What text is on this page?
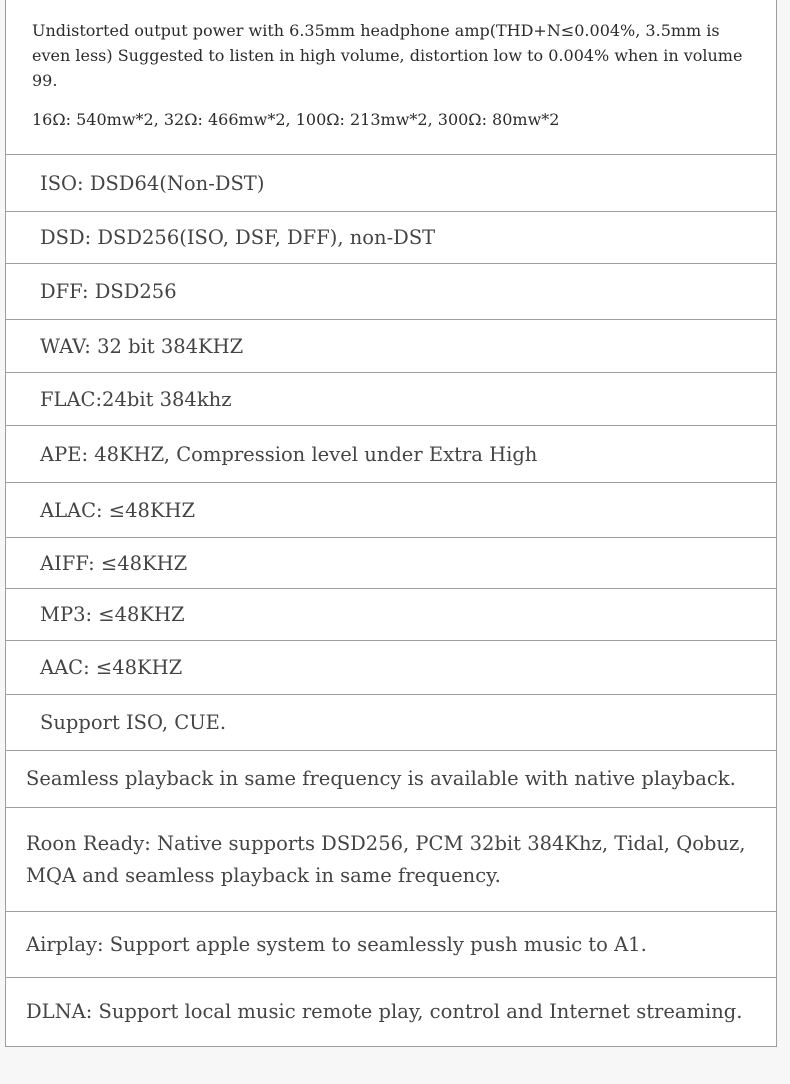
Undistorted output power with 6.35mm headphone amp(THD+N≤0.004%, 3.5mm is even less) Suggested to listen in high volume, distortion low to 0.004% when in volume 99.

16Ω: 540mw*2, 32Ω: 466mw*2, 100Ω: 213mw*2, 300Ω: 80mw*2

ISO: DSD64(Non-DST)
DSD: DSD256(ISO, DSF, DFF), non-DST
DFF: DSD256
WAV: 32 bit 384KHZ
FLAC:24bit 384khz
APE: 48KHZ, Compression level under Extra High
ALAC: ≤48KHZ
AIFF: ≤48KHZ
MP3: ≤48KHZ
AAC: ≤48KHZ
Support ISO, CUE.
Seamless playback in same frequency is available with native playback.
Roon Ready: Native supports DSD256, PCM 32bit 384Khz, Tidal, Qobuz, MQA and seamless playback in same frequency.
Airplay: Support apple system to seamlessly push music to A1.
DLNA: Support local music remote play, control and Internet streaming.
